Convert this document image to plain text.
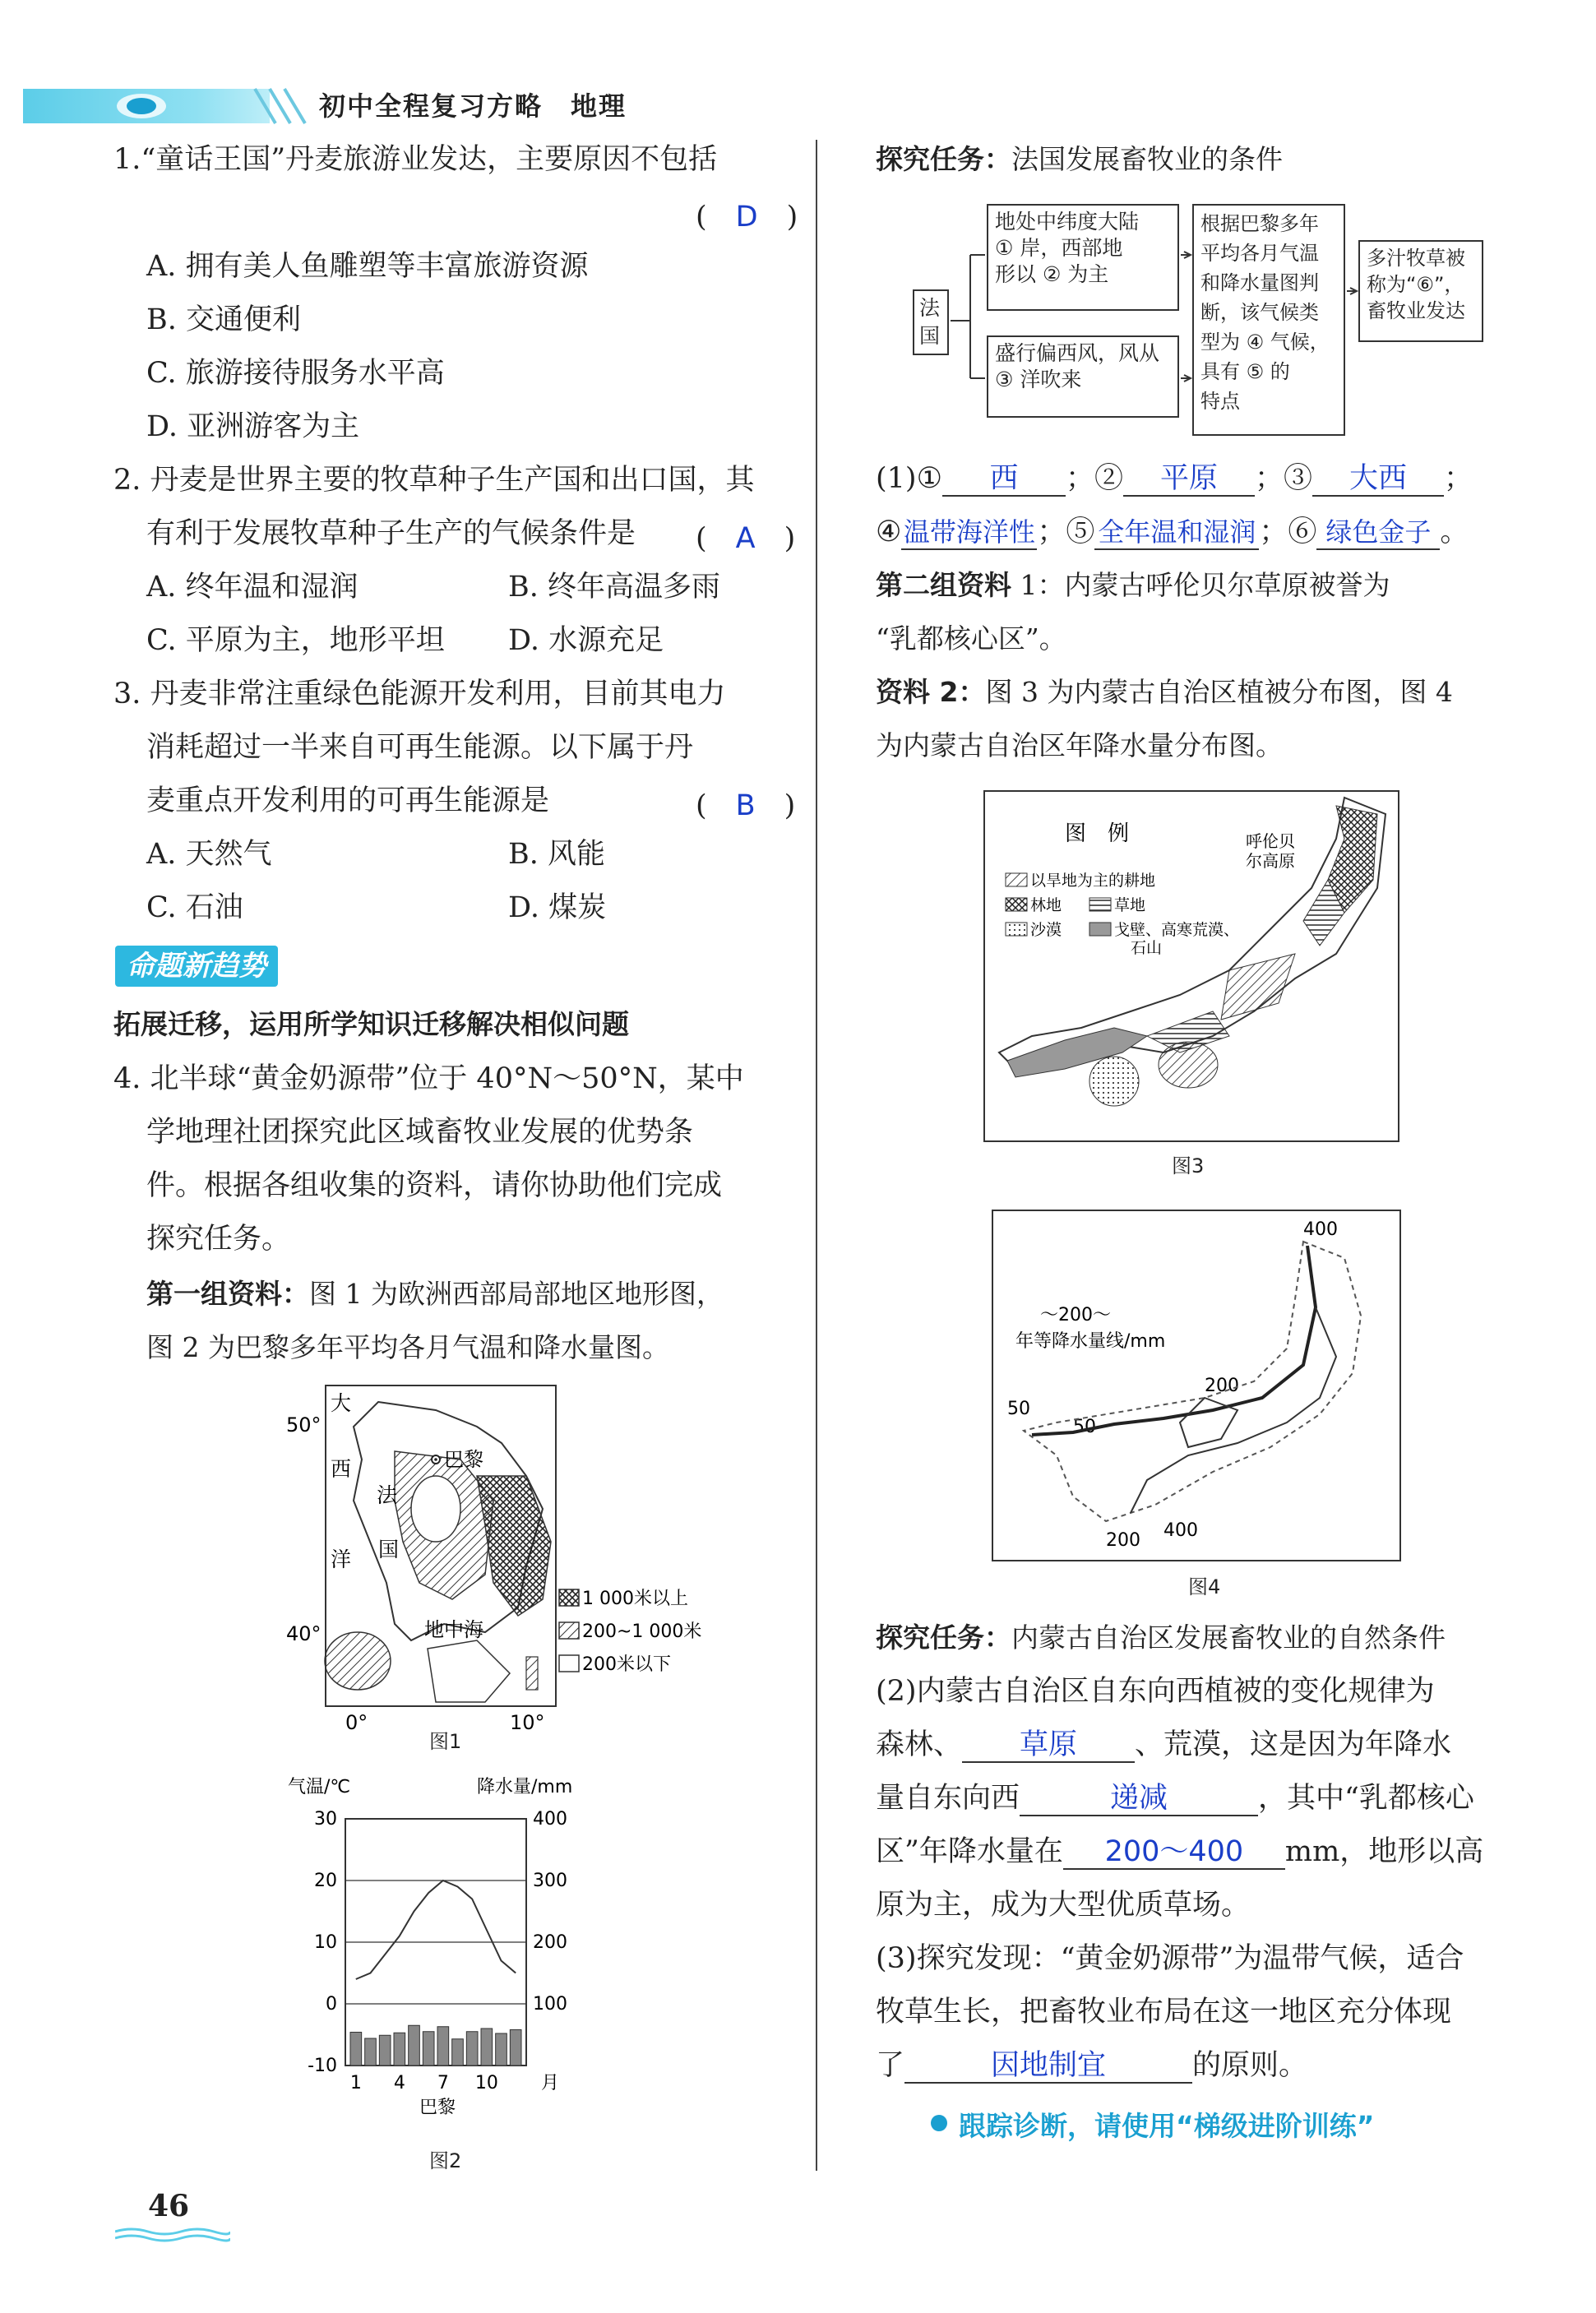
初中全程复习方略　地理
1.“童话王国”丹麦旅游业发达，主要原因不包括
(　D　)
A. 拥有美人鱼雕塑等丰富旅游资源
B. 交通便利
C. 旅游接待服务水平高
D. 亚洲游客为主
2. 丹麦是世界主要的牧草种子生产国和出口国，其
有利于发展牧草种子生产的气候条件是 (　A　)
A. 终年温和湿润	B. 终年高温多雨
C. 平原为主，地形平坦 D. 水源充足
3. 丹麦非常注重绿色能源开发利用，目前其电力
消耗超过一半来自可再生能源。以下属于丹
麦重点开发利用的可再生能源是	(　B　)
A. 天然气	B. 风能
C. 石油	D. 煤炭
命题新趋势
拓展迁移，运用所学知识迁移解决相似问题
4. 北半球“黄金奶源带”位于 40°N～50°N，某中
学地理社团探究此区域畜牧业发展的优势条
件。根据各组收集的资料，请你协助他们完成
探究任务。
第一组资料：图 1 为欧洲西部局部地区地形图，
图 2 为巴黎多年平均各月气温和降水量图。
50°
40°
0°	10°
大
西
洋
法
国
巴黎
地中海
1 000米以上
200~1 000米
200米以下
图1
气温/℃	降水量/mm
30
20
10
0
-10
400
300
200
100
1 4 7 10 月
巴黎
图2
46
探究任务：法国发展畜牧业的条件
法国
地处中纬度大陆
① 岸，西部地
形以 ② 为主
盛行偏西风，风从
③ 洋吹来
根据巴黎多年
平均各月气温
和降水量图判
断，该气候类
型为 ④ 气候，
具有 ⑤ 的
特点
多汁牧草被
称为“⑥”，
畜牧业发达
(1)① 西 ；② 平原 ；③ 大西 ；
④温带海洋性；⑤ 全年温和湿润 ；⑥ 绿色金子 。
第二组资料 1：内蒙古呼伦贝尔草原被誉为
“乳都核心区”。
资料 2：图 3 为内蒙古自治区植被分布图，图 4
为内蒙古自治区年降水量分布图。
图　例	呼伦贝
尔高原
以旱地为主的耕地
林地	草地
沙漠	戈壁、高寒荒漠、
石山
图3
400
～200～
年等降水量线/mm
200
50
50
200 400
图4
探究任务：内蒙古自治区发展畜牧业的自然条件
(2)内蒙古自治区自东向西植被的变化规律为
森林、 草原 、荒漠，这是因为年降水
量自东向西	递减	，其中“乳都核心
区”年降水量在 200～400 mm，地形以高
原为主，成为大型优质草场。
(3)探究发现：“黄金奶源带”为温带气候，适合
牧草生长，把畜牧业布局在这一地区充分体现
了	因地制宜	的原则。
跟踪诊断，请使用“梯级进阶训练”
